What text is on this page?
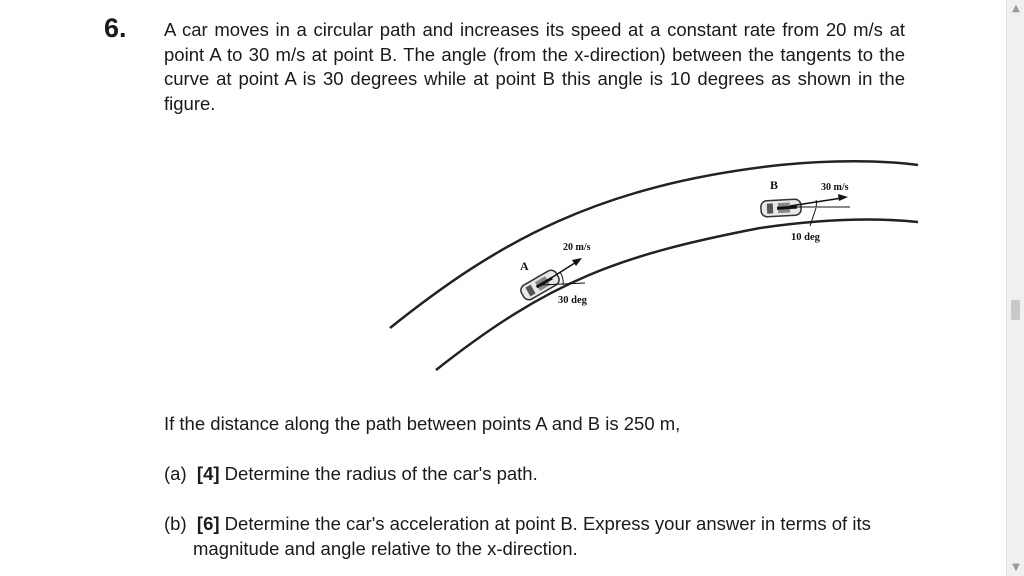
6. A car moves in a circular path and increases its speed at a constant rate from 20 m/s at point A to 30 m/s at point B. The angle (from the x-direction) between the tangents to the curve at point A is 30 degrees while at point B this angle is 10 degrees as shown in the figure.

A
B
20 m/s
30 m/s
30 deg
10 deg

If the distance along the path between points A and B is 250 m,

(a) [4] Determine the radius of the car's path.

(b) [6] Determine the car's acceleration at point B. Express your answer in terms of its magnitude and angle relative to the x-direction.

▲
▼
